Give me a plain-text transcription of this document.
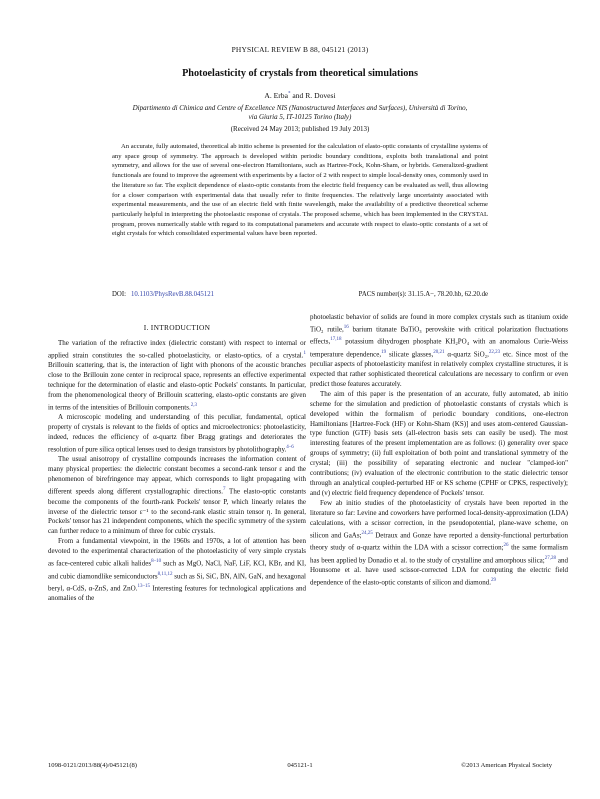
PHYSICAL REVIEW B 88, 045121 (2013)
Photoelasticity of crystals from theoretical simulations
A. Erba* and R. Dovesi
Dipartimento di Chimica and Centre of Excellence NIS (Nanostructured Interfaces and Surfaces), Università di Torino,
via Giuria 5, IT-10125 Torino (Italy)
(Received 24 May 2013; published 19 July 2013)
An accurate, fully automated, theoretical ab initio scheme is presented for the calculation of elasto-optic constants of crystalline systems of any space group of symmetry. The approach is developed within periodic boundary conditions, exploits both translational and point symmetry, and allows for the use of several one-electron Hamiltonians, such as Hartree-Fock, Kohn-Sham, or hybrids. Generalized-gradient functionals are found to improve the agreement with experiments by a factor of 2 with respect to simple local-density ones, commonly used in the literature so far. The explicit dependence of elasto-optic constants from the electric field frequency can be evaluated as well, thus allowing for a closer comparison with experimental data that usually refer to finite frequencies. The relatively large uncertainty associated with experimental measurements, and the use of an electric field with finite wavelength, make the availability of a predictive theoretical scheme particularly helpful in interpreting the photoelastic response of crystals. The proposed scheme, which has been implemented in the CRYSTAL program, proves numerically stable with regard to its computational parameters and accurate with respect to elasto-optic constants of a set of eight crystals for which consolidated experimental values have been reported.
DOI: 10.1103/PhysRevB.88.045121	PACS number(s): 31.15.A−, 78.20.hb, 62.20.de
I. INTRODUCTION

The variation of the refractive index (dielectric constant) with respect to internal or applied strain constitutes the so-called photoelasticity, or elasto-optics, of a crystal.$^1$ Brillouin scattering, that is, the interaction of light with phonons of the acoustic branches close to the Brillouin zone center in reciprocal space, represents an effective experimental technique for the determination of elastic and elasto-optic Pockels' constants. In particular, from the phenomenological theory of Brillouin scattering, elasto-optic constants are given in terms of the intensities of Brillouin components.$^{2,3}$

A microscopic modeling and understanding of this peculiar, fundamental, optical property of crystals is relevant to the fields of optics and microelectronics: photoelasticity, indeed, reduces the efficiency of α-quartz fiber Bragg gratings and deteriorates the resolution of pure silica optical lenses used to design transistors by photolithography.$^{4-6}$

The usual anisotropy of crystalline compounds increases the information content of many physical properties: the dielectric constant becomes a second-rank tensor ε and the phenomenon of birefringence may appear, which corresponds to light propagating with different speeds along different crystallographic directions.$^7$ The elasto-optic constants become the components of the fourth-rank Pockels' tensor P, which linearly relates the inverse of the dielectric tensor ε⁻¹ to the second-rank elastic strain tensor η. In general, Pockels' tensor has 21 independent components, which the specific symmetry of the system can further reduce to a minimum of three for cubic crystals.

From a fundamental viewpoint, in the 1960s and 1970s, a lot of attention has been devoted to the experimental characterization of the photoelasticity of very simple crystals as face-centered cubic alkali halides$^{8-10}$ such as MgO, NaCl, NaF, LiF, KCl, KBr, and KI, and cubic diamondlike semiconductors$^{8,11,12}$ such as Si, SiC, BN, AlN, GaN, and hexagonal beryl, α-CdS, α-ZnS, and ZnO.$^{13-15}$ Interesting features for technological applications and anomalies of the

photoelastic behavior of solids are found in more complex crystals such as titanium oxide TiO₂ rutile,$^{16}$ barium titanate BaTiO₃ perovskite with critical polarization fluctuations effects,$^{17,18}$ potassium dihydrogen phosphate KH₂PO₄ with an anomalous Curie-Weiss temperature dependence,$^{19}$ silicate glasses,$^{20,21}$ α-quartz SiO₂,$^{22,23}$ etc. Since most of the peculiar aspects of photoelasticity manifest in relatively complex crystalline structures, it is expected that rather sophisticated theoretical calculations are necessary to confirm or even predict those features accurately.

The aim of this paper is the presentation of an accurate, fully automated, ab initio scheme for the simulation and prediction of photoelastic constants of crystals which is developed within the formalism of periodic boundary conditions, one-electron Hamiltonians [Hartree-Fock (HF) or Kohn-Sham (KS)] and uses atom-centered Gaussian-type function (GTF) basis sets (all-electron basis sets can easily be used). The most interesting features of the present implementation are as follows: (i) generality over space groups of symmetry; (ii) full exploitation of both point and translational symmetry of the crystal; (iii) the possibility of separating electronic and nuclear "clamped-ion" contributions; (iv) evaluation of the electronic contribution to the static dielectric tensor through an analytical coupled-perturbed HF or KS scheme (CPHF or CPKS, respectively); and (v) electric field frequency dependence of Pockels' tensor.

Few ab initio studies of the photoelasticity of crystals have been reported in the literature so far: Levine and coworkers have performed local-density-approximation (LDA) calculations, with a scissor correction, in the pseudopotential, plane-wave scheme, on silicon and GaAs;$^{24,25}$ Detraux and Gonze have reported a density-functional perturbation theory study of α-quartz within the LDA with a scissor correction;$^{26}$ the same formalism has been applied by Donadio et al. to the study of crystalline and amorphous silica;$^{27,28}$ and Hounsome et al. have used scissor-corrected LDA for computing the electric field dependence of the elasto-optic constants of silicon and diamond.$^{29}$

1098-0121/2013/88(4)/045121(8)	045121-1	©2013 American Physical Society
